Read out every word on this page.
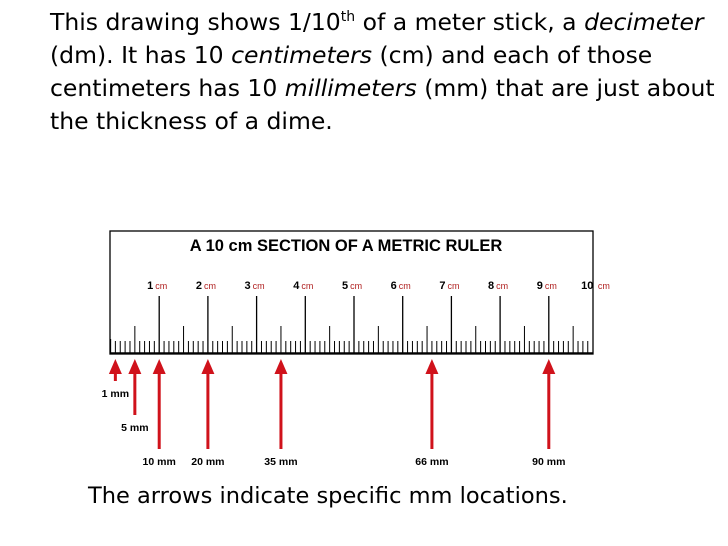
This drawing shows 1/10th of a meter stick, a decimeter (dm). It has 10 centimeters (cm) and each of those centimeters has 10 millimeters (mm) that are just about the thickness of a dime.

A 10 cm SECTION OF A METRIC RULER
1 cm	2 cm	3 cm	4 cm	5 cm	6 cm	7 cm	8 cm	9 cm 10 cm
1 mm
5 mm
10 mm 20 mm	35 mm	66 mm	90 mm

The arrows indicate specific mm locations.
